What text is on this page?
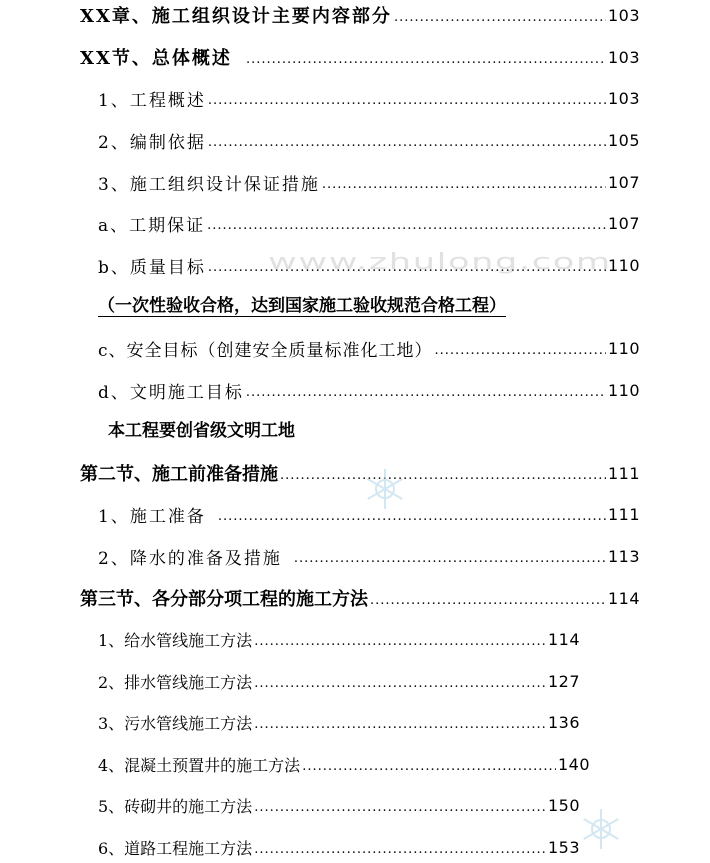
XX章、施工组织设计主要内容部分 .....	103
XX节、总体概述 .....	103
1、工程概述 .....	103
2、编制依据 .....	105
3、施工组织设计保证措施 .....	107
a、工期保证 .....	107
b、质量目标 .....	110
（一次性验收合格，达到国家施工验收规范合格工程）
c、安全目标（创建安全质量标准化工地） .....	110
d、文明施工目标 .....	110
本工程要创省级文明工地
第二节、施工前准备措施 .....	111
1、施工准备 .....	111
2、降水的准备及措施 .....	113
第三节、各分部分项工程的施工方法 .....	114
1、给水管线施工方法 .....	114
2、排水管线施工方法 .....	127
3、污水管线施工方法 .....	136
4、混凝土预置井的施工方法 .....	140
5、砖砌井的施工方法 .....	150
6、道路工程施工方法 .....	153
www.zhulong.com
